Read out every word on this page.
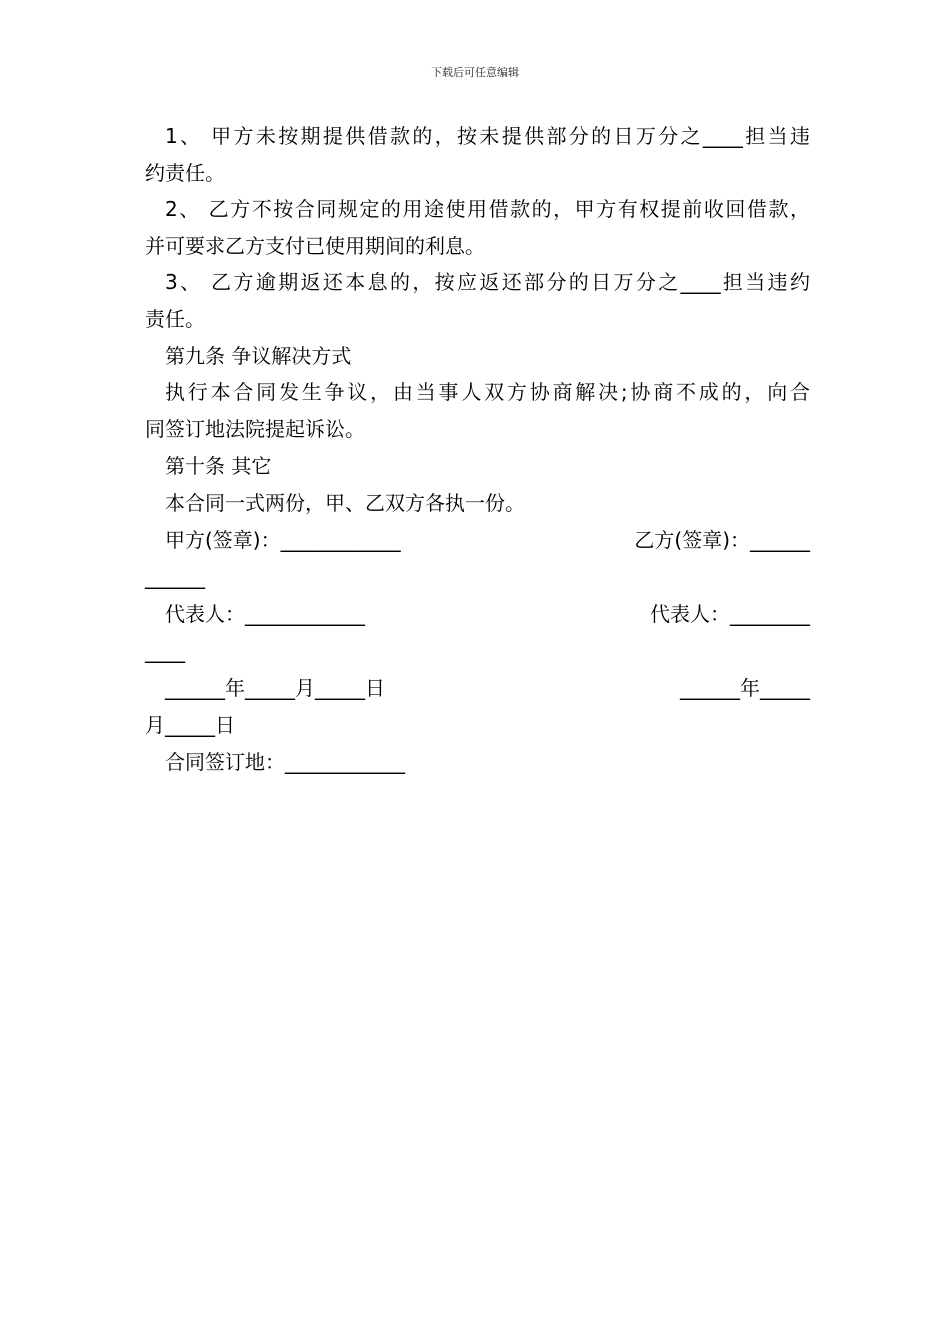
下载后可任意编辑
1、 甲方未按期提供借款的，按未提供部分的日万分之____担当违
约责任。
2、 乙方不按合同规定的用途使用借款的，甲方有权提前收回借款，
并可要求乙方支付已使用期间的利息。
3、 乙方逾期返还本息的，按应返还部分的日万分之____担当违约
责任。
第九条 争议解决方式
执行本合同发生争议，由当事人双方协商解决;协商不成的，向合
同签订地法院提起诉讼。
第十条 其它
本合同一式两份，甲、乙双方各执一份。
甲方(签章)：____________	乙方(签章)：______
______
代表人：____________	代表人：________
____
______年_____月_____日	______年_____
月_____日
合同签订地：____________
